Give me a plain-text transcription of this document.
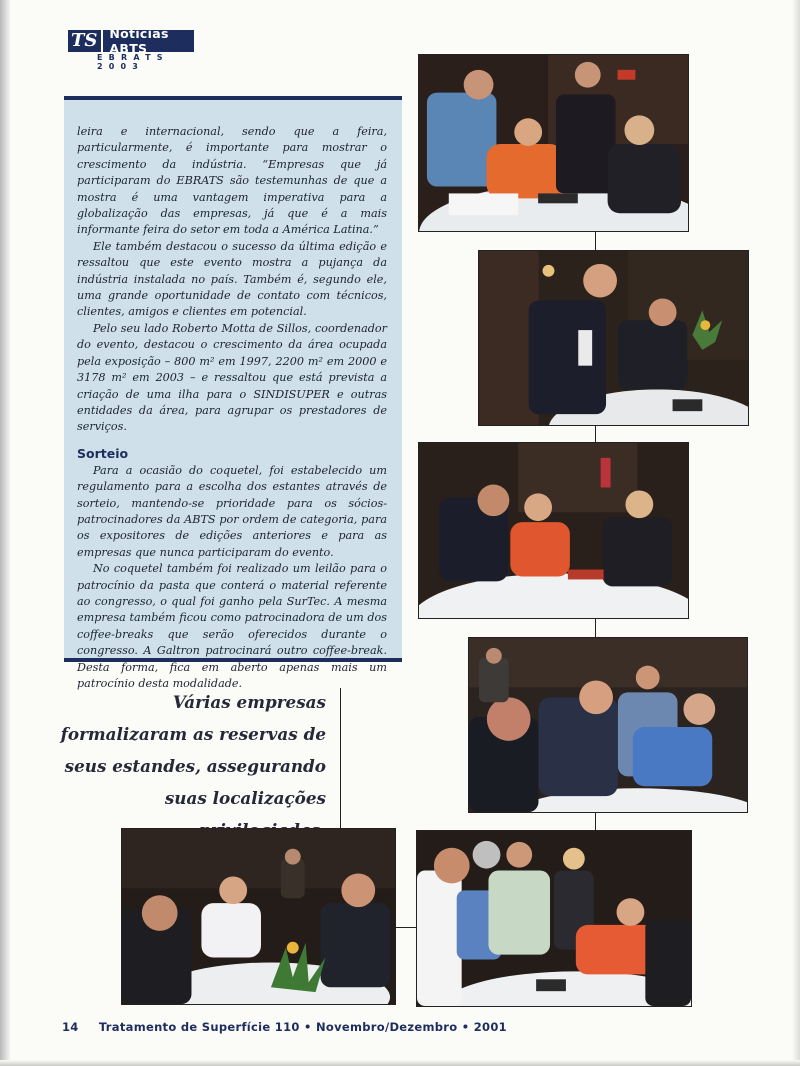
TS Notícias ABTS
EBRATS 2003

leira e internacional, sendo que a feira, particularmente, é importante para mostrar o crescimento da indústria. “Empresas que já participaram do EBRATS são testemunhas de que a mostra é uma vantagem imperativa para a globalização das empresas, já que é a mais informante feira do setor em toda a América Latina.”

Ele também destacou o sucesso da última edição e ressaltou que este evento mostra a pujança da indústria instalada no país. Também é, segundo ele, uma grande oportunidade de contato com técnicos, clientes, amigos e clientes em potencial.

Pelo seu lado Roberto Motta de Sillos, coordenador do evento, destacou o crescimento da área ocupada pela exposição – 800 m² em 1997, 2200 m² em 2000 e 3178 m² em 2003 – e ressaltou que está prevista a criação de uma ilha para o SINDISUPER e outras entidades da área, para agrupar os prestadores de serviços.

Sorteio

Para a ocasião do coquetel, foi estabelecido um regulamento para a escolha dos estantes através de sorteio, mantendo-se prioridade para os sócios-patrocinadores da ABTS por ordem de categoria, para os expositores de edições anteriores e para as empresas que nunca participaram do evento.

No coquetel também foi realizado um leilão para o patrocínio da pasta que conterá o material referente ao congresso, o qual foi ganho pela SurTec. A mesma empresa também ficou como patrocinadora de um dos coffee-breaks que serão oferecidos durante o congresso. A Galtron patrocinará outro coffee-break. Desta forma, fica em aberto apenas mais um patrocínio desta modalidade.

Várias empresas formalizaram as reservas de seus estandes, assegurando suas localizações
14 Tratamento de Superfície 110 • Novembro/Dezembro • 2001
